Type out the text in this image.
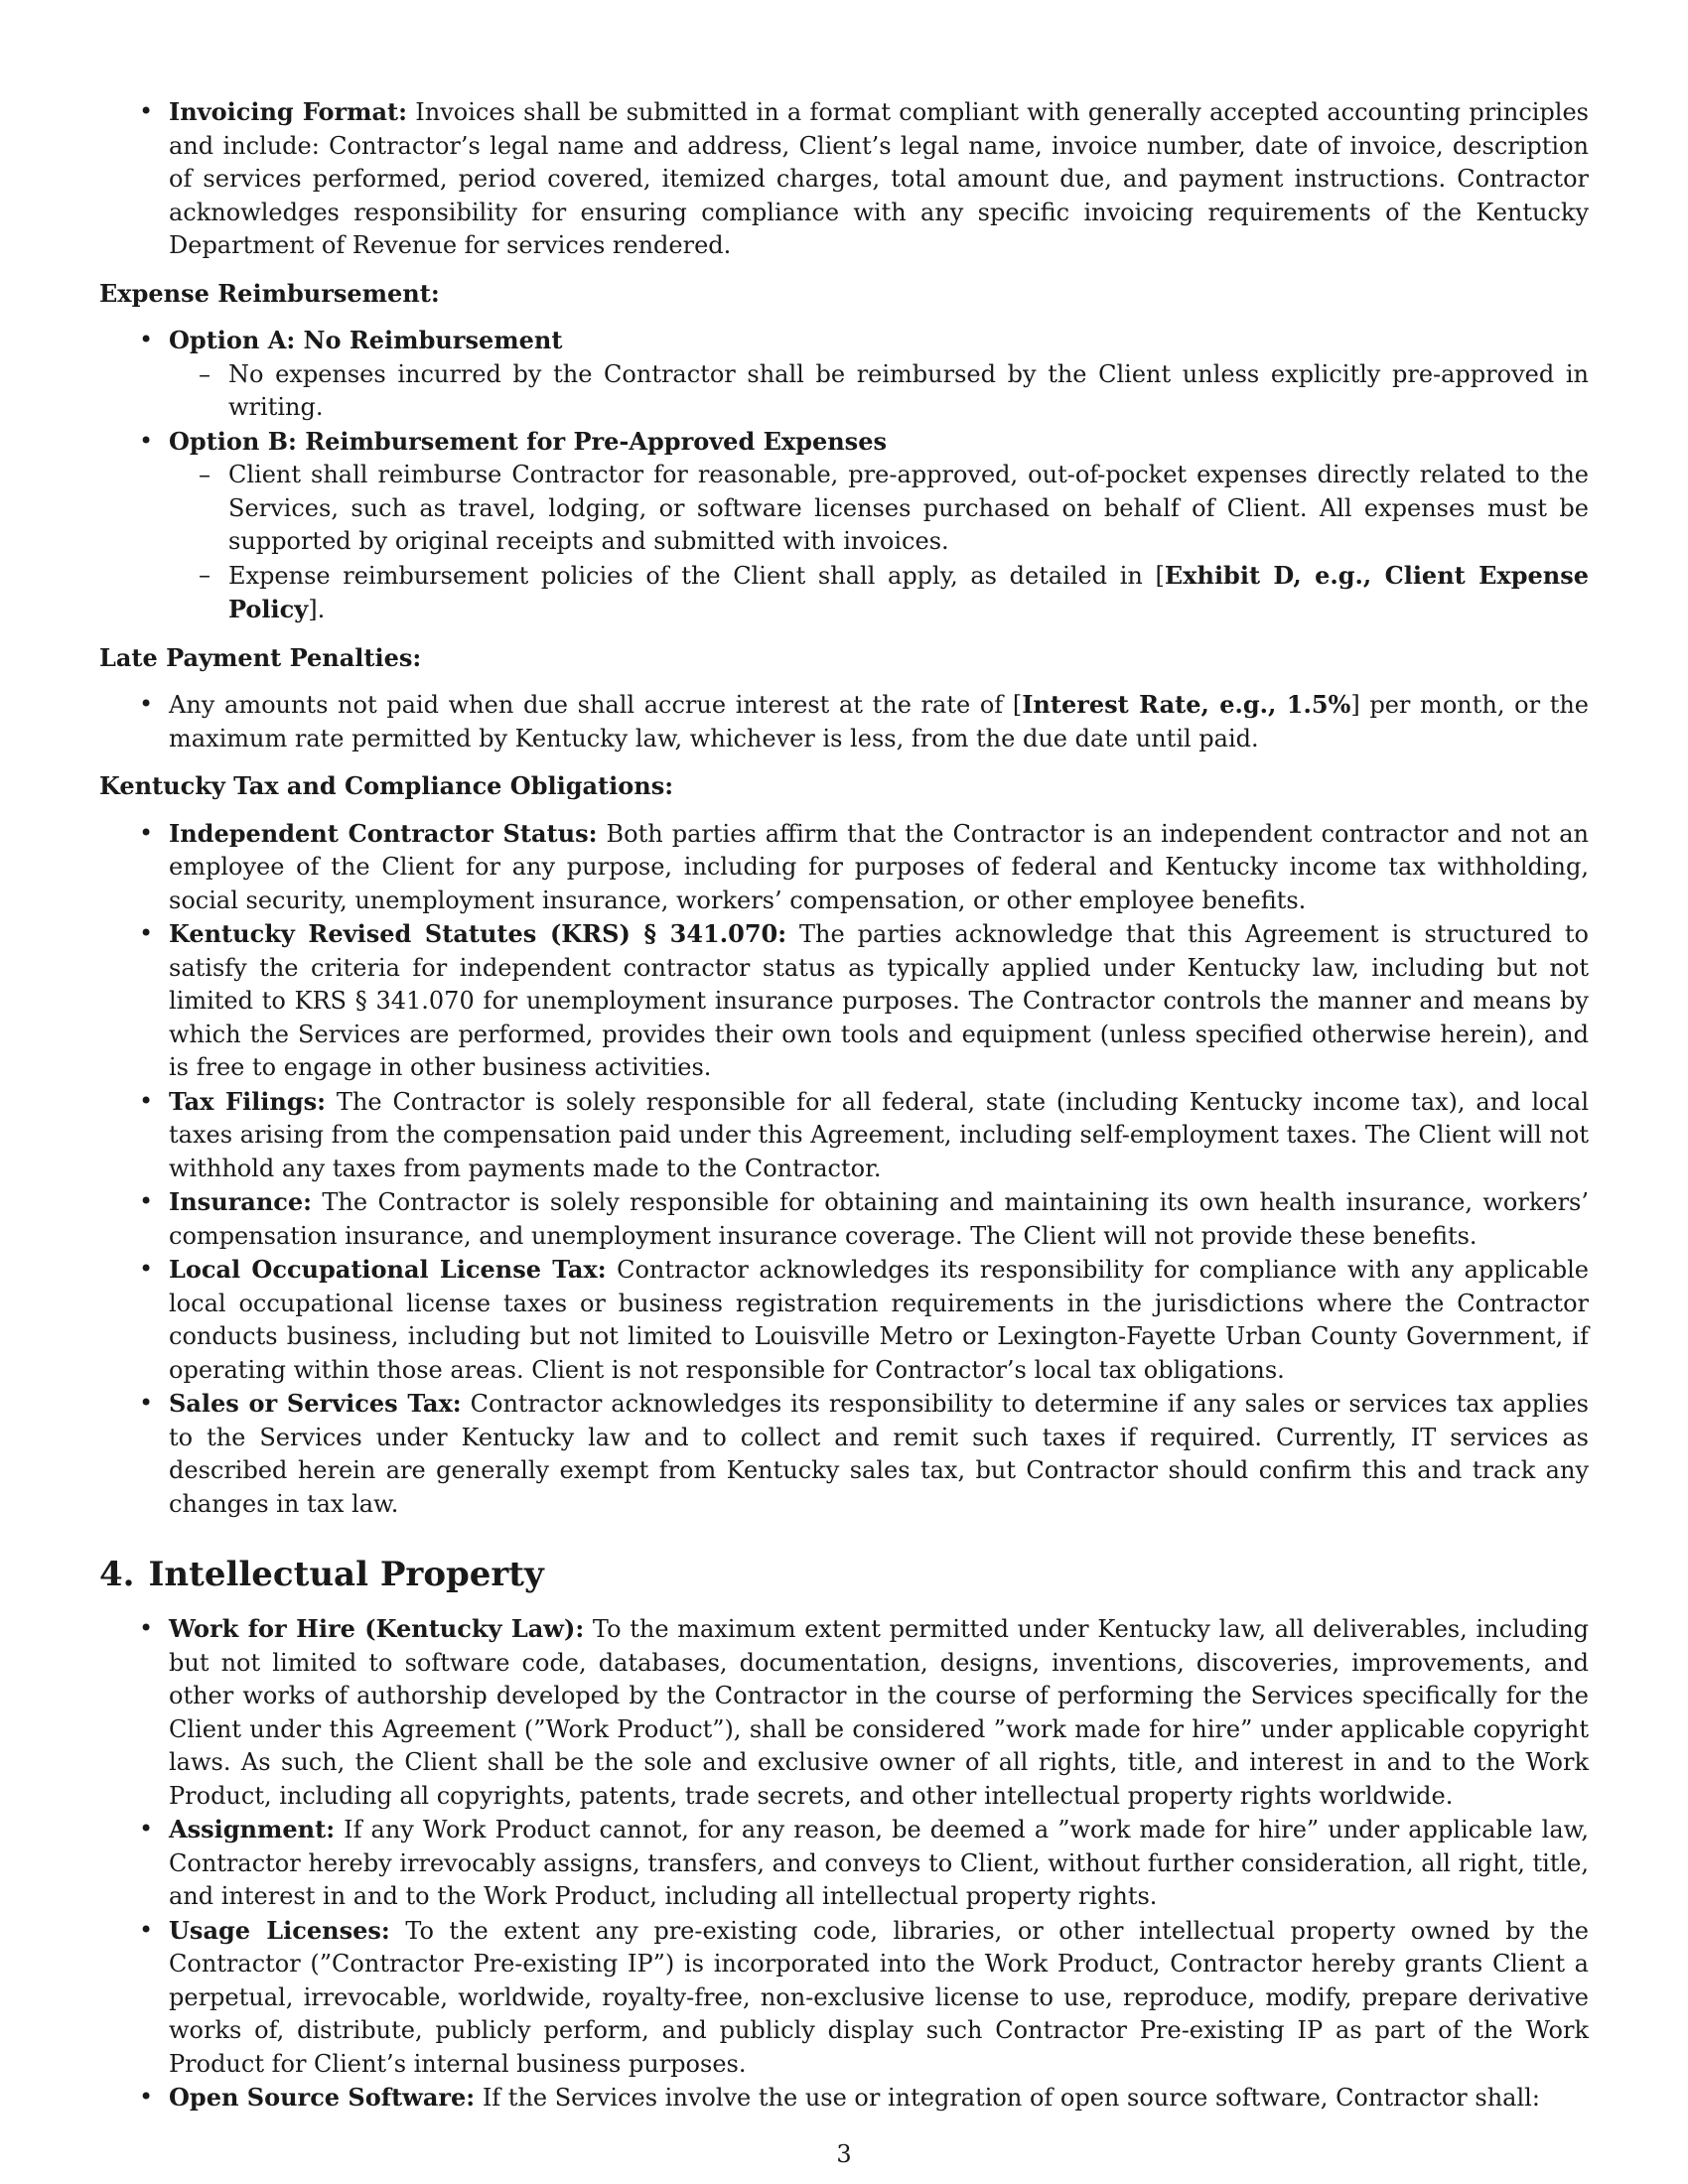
• Invoicing Format: Invoices shall be submitted in a format compliant with generally accepted accounting principles and include: Contractor’s legal name and address, Client’s legal name, invoice number, date of invoice, description of services performed, period covered, itemized charges, total amount due, and payment instructions. Contractor acknowledges responsibility for ensuring compliance with any specific invoicing requirements of the Kentucky Department of Revenue for services rendered.
Expense Reimbursement:
• Option A: No Reimbursement
– No expenses incurred by the Contractor shall be reimbursed by the Client unless explicitly pre-approved in writing.
• Option B: Reimbursement for Pre-Approved Expenses
– Client shall reimburse Contractor for reasonable, pre-approved, out-of-pocket expenses directly related to the Services, such as travel, lodging, or software licenses purchased on behalf of Client. All expenses must be supported by original receipts and submitted with invoices.
– Expense reimbursement policies of the Client shall apply, as detailed in [Exhibit D, e.g., Client Expense Policy].
Late Payment Penalties:
• Any amounts not paid when due shall accrue interest at the rate of [Interest Rate, e.g., 1.5%] per month, or the maximum rate permitted by Kentucky law, whichever is less, from the due date until paid.
Kentucky Tax and Compliance Obligations:
• Independent Contractor Status: Both parties affirm that the Contractor is an independent contractor and not an employee of the Client for any purpose, including for purposes of federal and Kentucky income tax withholding, social security, unemployment insurance, workers’ compensation, or other employee benefits.
• Kentucky Revised Statutes (KRS) § 341.070: The parties acknowledge that this Agreement is structured to satisfy the criteria for independent contractor status as typically applied under Kentucky law, including but not limited to KRS § 341.070 for unemployment insurance purposes. The Contractor controls the manner and means by which the Services are performed, provides their own tools and equipment (unless specified otherwise herein), and is free to engage in other business activities.
• Tax Filings: The Contractor is solely responsible for all federal, state (including Kentucky income tax), and local taxes arising from the compensation paid under this Agreement, including self-employment taxes. The Client will not withhold any taxes from payments made to the Contractor.
• Insurance: The Contractor is solely responsible for obtaining and maintaining its own health insurance, workers’ compensation insurance, and unemployment insurance coverage. The Client will not provide these benefits.
• Local Occupational License Tax: Contractor acknowledges its responsibility for compliance with any applicable local occupational license taxes or business registration requirements in the jurisdictions where the Contractor conducts business, including but not limited to Louisville Metro or Lexington-Fayette Urban County Government, if operating within those areas. Client is not responsible for Contractor’s local tax obligations.
• Sales or Services Tax: Contractor acknowledges its responsibility to determine if any sales or services tax applies to the Services under Kentucky law and to collect and remit such taxes if required. Currently, IT services as described herein are generally exempt from Kentucky sales tax, but Contractor should confirm this and track any changes in tax law.
4. Intellectual Property
• Work for Hire (Kentucky Law): To the maximum extent permitted under Kentucky law, all deliverables, including but not limited to software code, databases, documentation, designs, inventions, discoveries, improvements, and other works of authorship developed by the Contractor in the course of performing the Services specifically for the Client under this Agreement (”Work Product”), shall be considered ”work made for hire” under applicable copyright laws. As such, the Client shall be the sole and exclusive owner of all rights, title, and interest in and to the Work Product, including all copyrights, patents, trade secrets, and other intellectual property rights worldwide.
• Assignment: If any Work Product cannot, for any reason, be deemed a ”work made for hire” under applicable law, Contractor hereby irrevocably assigns, transfers, and conveys to Client, without further consideration, all right, title, and interest in and to the Work Product, including all intellectual property rights.
• Usage Licenses: To the extent any pre-existing code, libraries, or other intellectual property owned by the Contractor (”Contractor Pre-existing IP”) is incorporated into the Work Product, Contractor hereby grants Client a perpetual, irrevocable, worldwide, royalty-free, non-exclusive license to use, reproduce, modify, prepare derivative works of, distribute, publicly perform, and publicly display such Contractor Pre-existing IP as part of the Work Product for Client’s internal business purposes.
• Open Source Software: If the Services involve the use or integration of open source software, Contractor shall:
3
